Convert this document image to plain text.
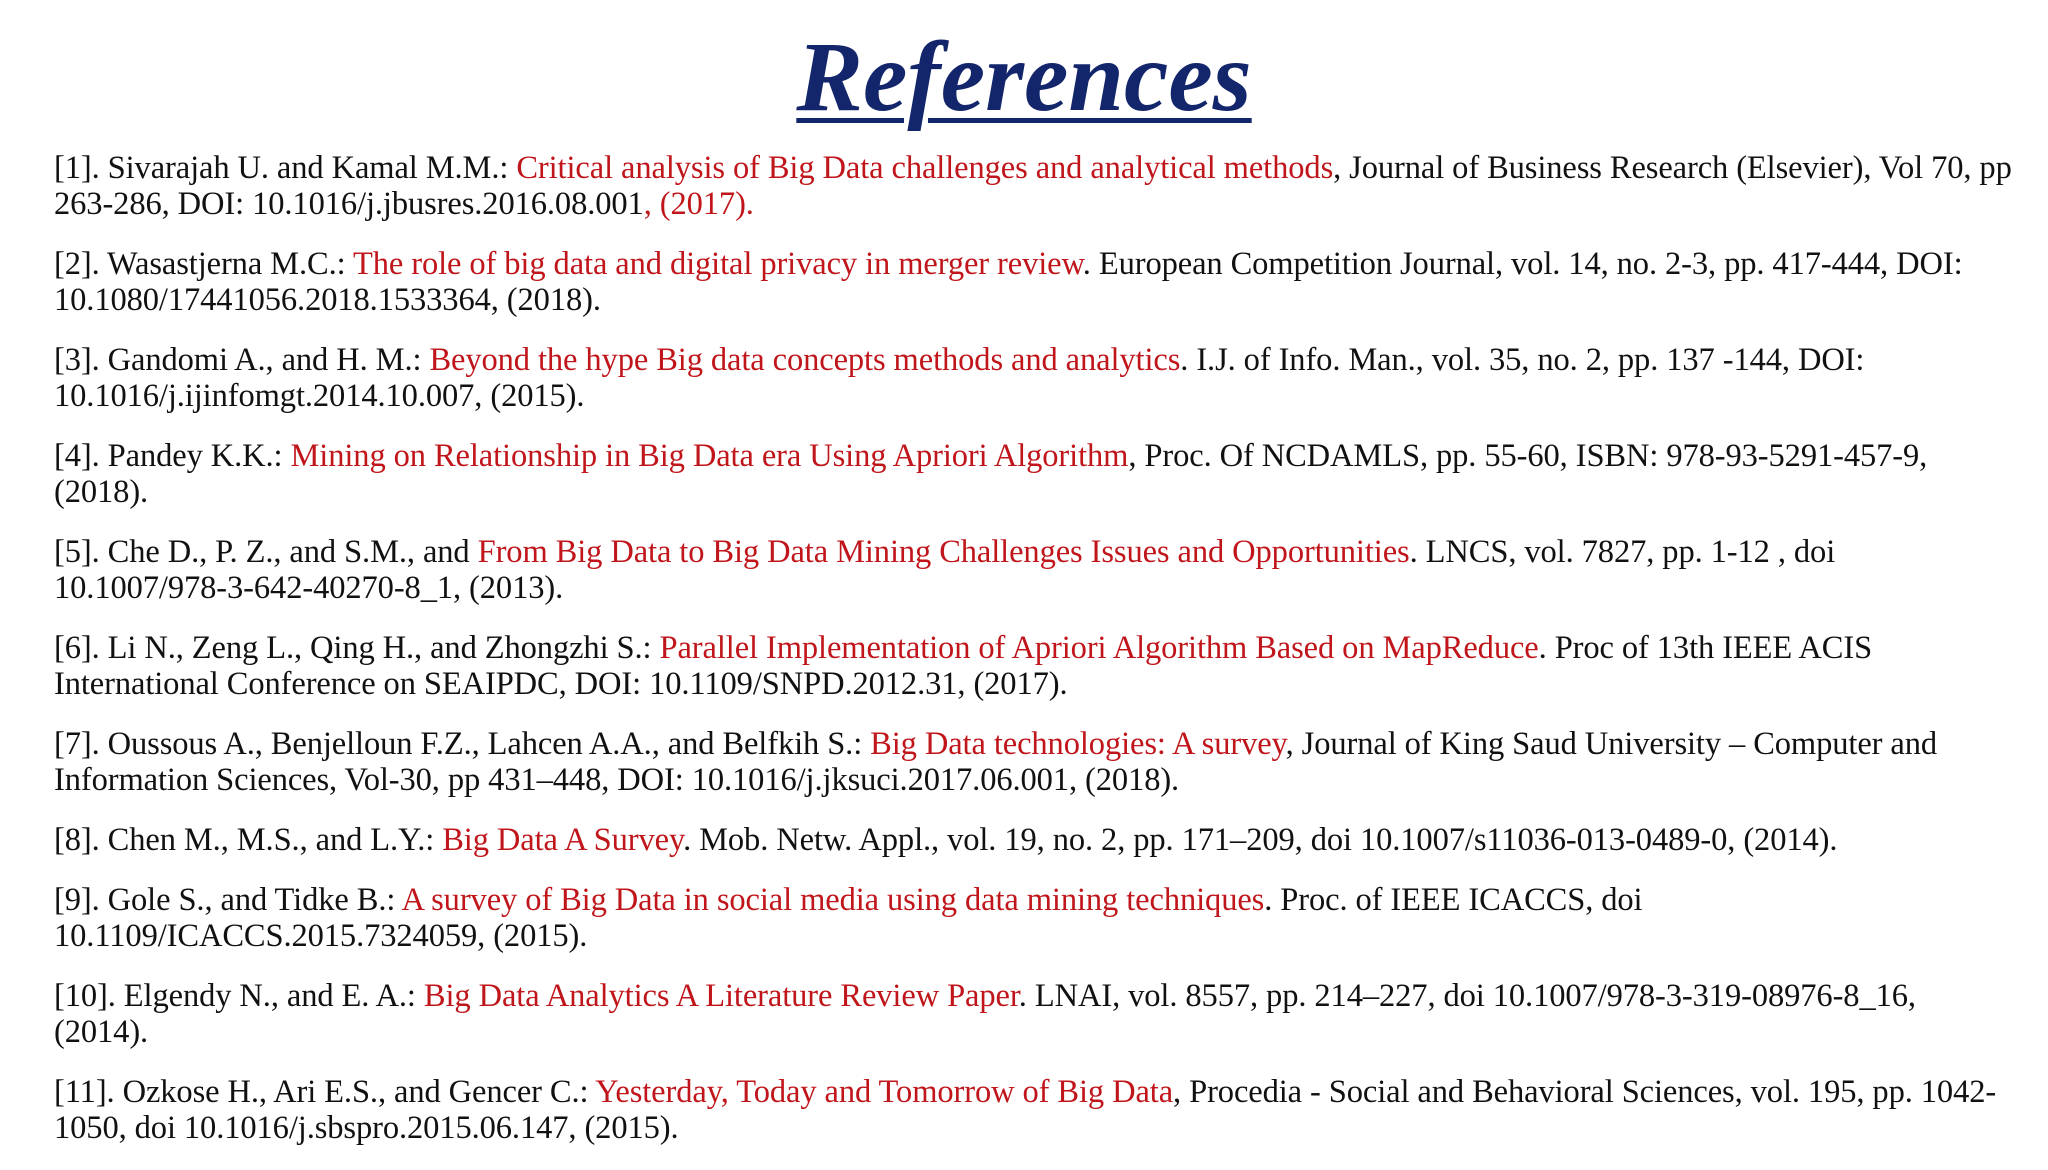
References

[1]. Sivarajah U. and Kamal M.M.: Critical analysis of Big Data challenges and analytical methods, Journal of Business Research (Elsevier), Vol 70, pp 263-286, DOI: 10.1016/j.jbusres.2016.08.001, (2017).

[2]. Wasastjerna M.C.: The role of big data and digital privacy in merger review. European Competition Journal, vol. 14, no. 2-3, pp. 417-444, DOI: 10.1080/17441056.2018.1533364, (2018).

[3]. Gandomi A., and H. M.: Beyond the hype Big data concepts methods and analytics. I.J. of Info. Man., vol. 35, no. 2, pp. 137 -144, DOI: 10.1016/j.ijinfomgt.2014.10.007, (2015).

[4]. Pandey K.K.: Mining on Relationship in Big Data era Using Apriori Algorithm, Proc. Of NCDAMLS, pp. 55-60, ISBN: 978-93-5291-457-9, (2018).

[5]. Che D., P. Z., and S.M., and From Big Data to Big Data Mining Challenges Issues and Opportunities. LNCS, vol. 7827, pp. 1-12 , doi 10.1007/978-3-642-40270-8_1, (2013).

[6]. Li N., Zeng L., Qing H., and Zhongzhi S.: Parallel Implementation of Apriori Algorithm Based on MapReduce. Proc of 13th IEEE ACIS International Conference on SEAIPDC, DOI: 10.1109/SNPD.2012.31, (2017).

[7]. Oussous A., Benjelloun F.Z., Lahcen A.A., and Belfkih S.: Big Data technologies: A survey, Journal of King Saud University – Computer and Information Sciences, Vol-30, pp 431–448, DOI: 10.1016/j.jksuci.2017.06.001, (2018).

[8]. Chen M., M.S., and L.Y.: Big Data A Survey. Mob. Netw. Appl., vol. 19, no. 2, pp. 171–209, doi 10.1007/s11036-013-0489-0, (2014).

[9]. Gole S., and Tidke B.: A survey of Big Data in social media using data mining techniques. Proc. of IEEE ICACCS, doi 10.1109/ICACCS.2015.7324059, (2015).

[10]. Elgendy N., and E. A.: Big Data Analytics A Literature Review Paper. LNAI, vol. 8557, pp. 214–227, doi 10.1007/978-3-319-08976-8_16, (2014).

[11]. Ozkose H., Ari E.S., and Gencer C.: Yesterday, Today and Tomorrow of Big Data, Procedia - Social and Behavioral Sciences, vol. 195, pp. 1042-1050, doi 10.1016/j.sbspro.2015.06.147, (2015).
